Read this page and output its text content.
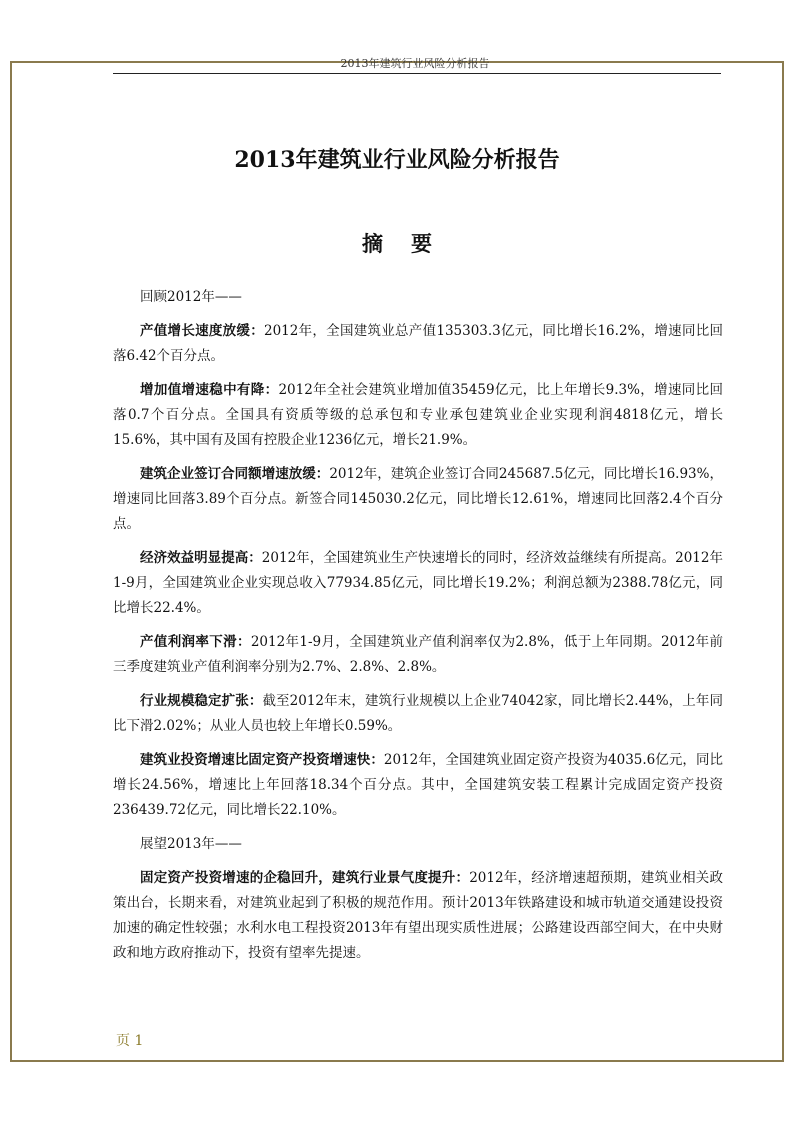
2013年建筑行业风险分析报告
2013年建筑业行业风险分析报告
摘要

回顾2012年——

产值增长速度放缓：2012年，全国建筑业总产值135303.3亿元，同比增长16.2%，增速同比回落6.42个百分点。

增加值增速稳中有降：2012年全社会建筑业增加值35459亿元，比上年增长9.3%，增速同比回落0.7个百分点。全国具有资质等级的总承包和专业承包建筑业企业实现利润4818亿元，增长15.6%，其中国有及国有控股企业1236亿元，增长21.9%。

建筑企业签订合同额增速放缓：2012年，建筑企业签订合同245687.5亿元，同比增长16.93%，增速同比回落3.89个百分点。新签合同145030.2亿元，同比增长12.61%，增速同比回落2.4个百分点。

经济效益明显提高：2012年，全国建筑业生产快速增长的同时，经济效益继续有所提高。2012年1-9月，全国建筑业企业实现总收入77934.85亿元，同比增长19.2%；利润总额为2388.78亿元，同比增长22.4%。

产值利润率下滑：2012年1-9月，全国建筑业产值利润率仅为2.8%，低于上年同期。2012年前三季度建筑业产值利润率分别为2.7%、2.8%、2.8%。

行业规模稳定扩张：截至2012年末，建筑行业规模以上企业74042家，同比增长2.44%，上年同比下滑2.02%；从业人员也较上年增长0.59%。

建筑业投资增速比固定资产投资增速快：2012年，全国建筑业固定资产投资为4035.6亿元，同比增长24.56%，增速比上年回落18.34个百分点。其中，全国建筑安装工程累计完成固定资产投资236439.72亿元，同比增长22.10%。

展望2013年——

固定资产投资增速的企稳回升，建筑行业景气度提升：2012年，经济增速超预期，建筑业相关政策出台，长期来看，对建筑业起到了积极的规范作用。预计2013年铁路建设和城市轨道交通建设投资加速的确定性较强；水利水电工程投资2013年有望出现实质性进展；公路建设西部空间大，在中央财政和地方政府推动下，投资有望率先提速。

页 1
